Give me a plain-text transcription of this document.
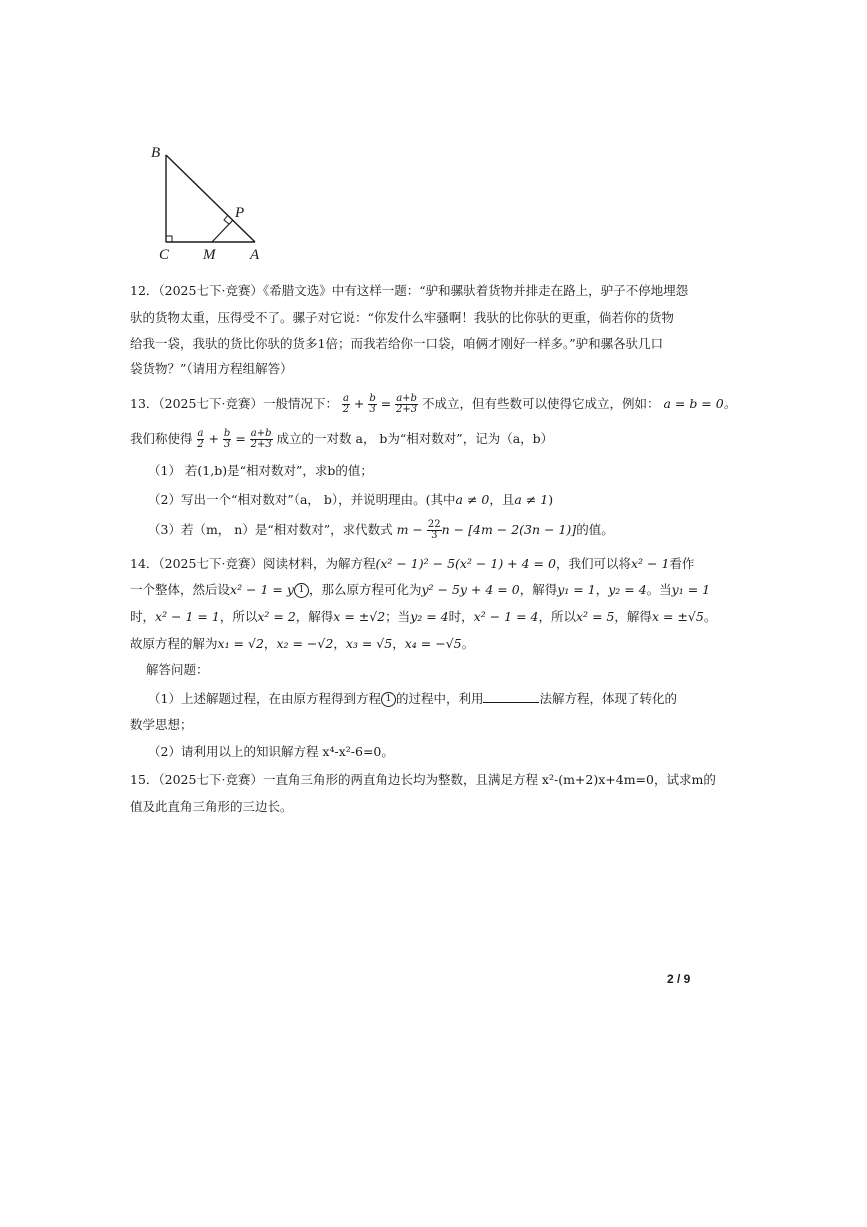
B
C M A
P
12．（2025七下·竞赛）《希腊文选》中有这样一题：“驴和骡驮着货物并排走在路上，驴子不停地埋怨
驮的货物太重，压得受不了。骡子对它说：“你发什么牢骚啊！我驮的比你驮的更重，倘若你的货物
给我一袋，我驮的货比你驮的货多1倍；而我若给你一口袋，咱俩才刚好一样多。”驴和骡各驮几口
袋货物？”（请用方程组解答）
13．（2025七下·竞赛）一般情况下： $\frac{a}{2} + \frac{b}{3} = \frac{a+b}{2+3}$ 不成立，但有些数可以使得它成立，例如： a = b = 0。
我们称使得 $\frac{a}{2} + \frac{b}{3} = \frac{a+b}{2+3}$ 成立的一对数 a， b为“相对数对”，记为（a，b）
（1） 若(1,b)是“相对数对”，求b的值；
（2）写出一个“相对数对”（a， b），并说明理由。(其中a ≠ 0，且a ≠ 1)
（3）若（m， n）是“相对数对”，求代数式 $m - \frac{22}{3}$ n − [4m − 2(3n − 1)]的值。
14．（2025七下·竞赛）阅读材料，为解方程(x² − 1)² − 5(x² − 1) + 4 = 0，我们可以将x² − 1看作
一个整体，然后设x² − 1 = y 1 ，那么原方程可化为y² − 5y + 4 = 0，解得y₁ = 1，y₂ = 4。当y₁ = 1
时，x² − 1 = 1，所以x² = 2，解得x = ±√2；当y₂ = 4时，x² − 1 = 4，所以x² = 5，解得x = ±√5。
故原方程的解为x₁ = √2，x₂ = −√2，x₃ = √5，x₄ = −√5。
解答问题：
（1）上述解题过程，在由原方程得到方程 1 的过程中，利用	法解方程，体现了转化的
数学思想；
（2）请利用以上的知识解方程 x⁴-x²-6=0。
15．（2025七下·竞赛）一直角三角形的两直角边长均为整数，且满足方程 x²-(m+2)x+4m=0，试求m的
值及此直角三角形的三边长。
2 / 9
